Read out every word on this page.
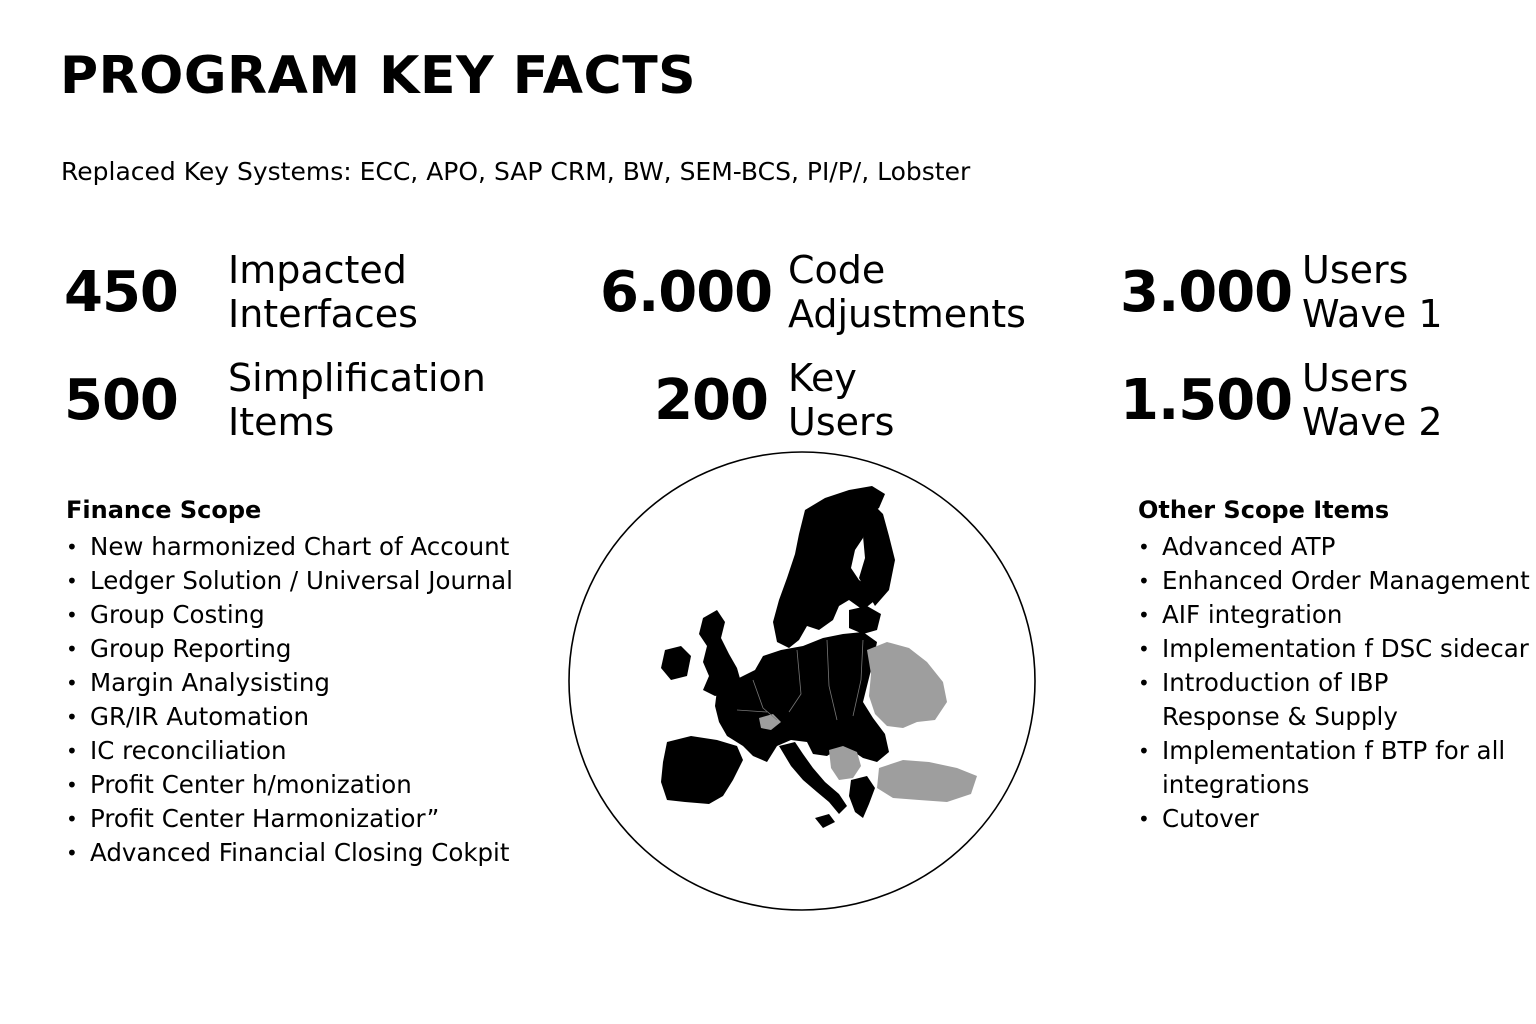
PROGRAM KEY FACTS
Replaced Key Systems: ECC, APO, SAP CRM, BW, SEM-BCS, PI/P/, Lobster
450 Impacted
Interfaces
500 Simplification
Items
6.000 Code
Adjustments
200 Key
Users
3.000 Users
Wave 1
1.500 Users
Wave 2
Finance Scope
• New harmonized Chart of Account
• Ledger Solution / Universal Journal
• Group Costing
• Group Reporting
• Margin Analysisting
• GR/IR Automation
• IC reconciliation
• Profit Center h/monization
• Profit Center Harmonizatior”
• Advanced Financial Closing Cokpit
Other Scope Items
• Advanced ATP
• Enhanced Order Management
• AIF integration
• Implementation f DSC sidecar
• Introduction of IBP
Response & Supply
• Implementation f BTP for all
integrations
• Cutover
